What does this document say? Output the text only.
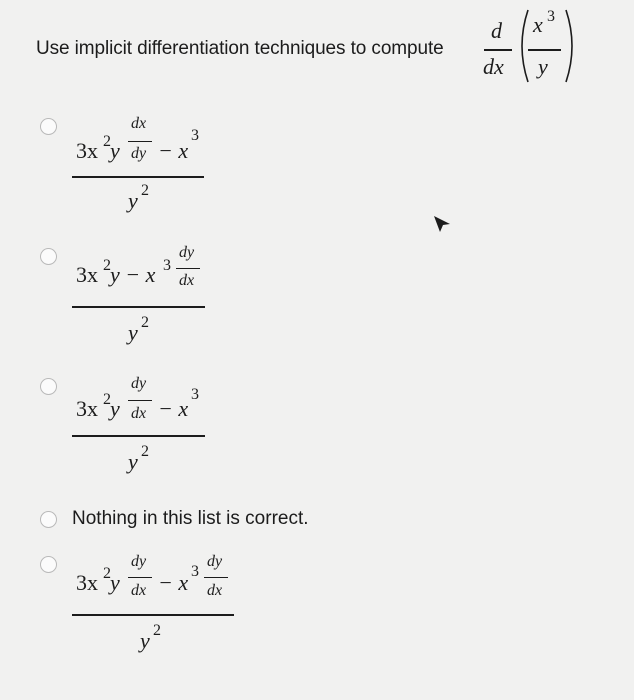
Use implicit differentiation techniques to compute
d
dx
x 3
y
3x 2 y
dx
dy − x
3
y 2
3x 2 y − x 3
dy
dx
y 2
3x 2 y
dy
dx − x
3
y 2
Nothing in this list is correct.
3x 2 y
dy
dx − x 3
dy
dx
y 2
